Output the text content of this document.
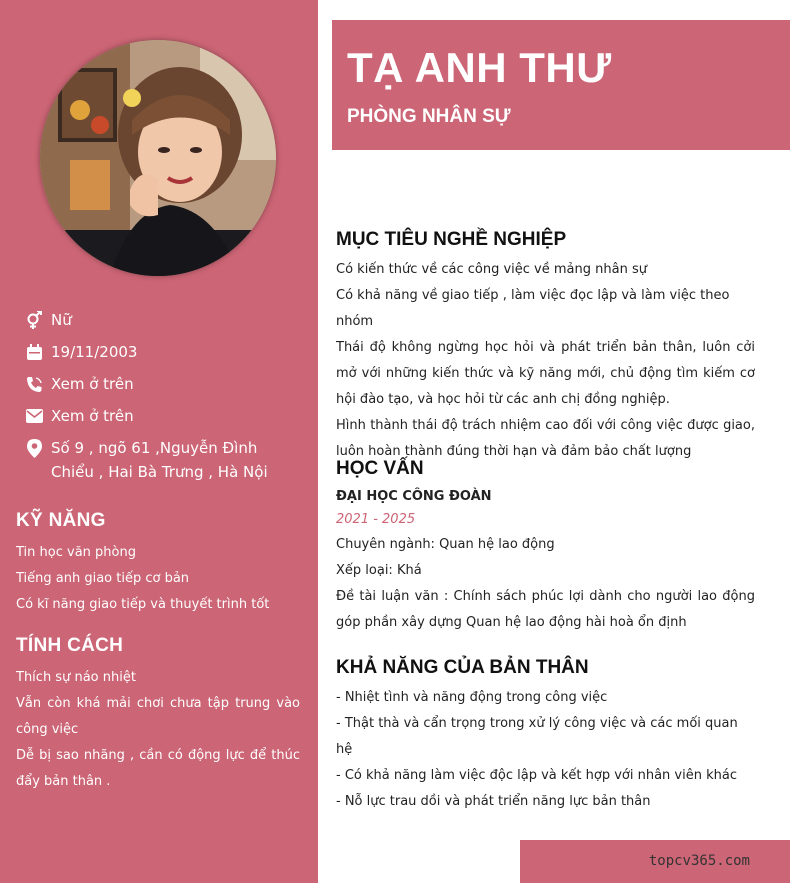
Nữ
19/11/2003
Xem ở trên
Xem ở trên
Số 9 , ngõ 61 ,Nguyễn Đình Chiểu , Hai Bà Trưng , Hà Nội
KỸ NĂNG

Tin học văn phòng

Tiếng anh giao tiếp cơ bản

Có kĩ năng giao tiếp và thuyết trình tốt

TÍNH CÁCH

Thích sự náo nhiệt

Vẫn còn khá mải chơi chưa tập trung vào công việc

Dễ bị sao nhãng , cần có động lực để thúc đẩy bản thân .

TẠ ANH THƯ
PHÒNG NHÂN SỰ
MỤC TIÊU NGHỀ NGHIỆP

Có kiến thức về các công việc về mảng nhân sự

Có khả năng về giao tiếp , làm việc đọc lập và làm việc theo nhóm

Thái độ không ngừng học hỏi và phát triển bản thân, luôn cởi mở với những kiến thức và kỹ năng mới, chủ động tìm kiếm cơ hội đào tạo, và học hỏi từ các anh chị đồng nghiệp.

Hình thành thái độ trách nhiệm cao đối với công việc được giao, luôn hoàn thành đúng thời hạn và đảm bảo chất lượng

HỌC VẤN
ĐẠI HỌC CÔNG ĐOÀN
2021 - 2025

Chuyên ngành: Quan hệ lao động

Xếp loại: Khá

Đề tài luận văn : Chính sách phúc lợi dành cho người lao động góp phần xây dựng Quan hệ lao động hài hoà ổn định

KHẢ NĂNG CỦA BẢN THÂN

- Nhiệt tình và năng động trong công việc

- Thật thà và cẩn trọng trong xử lý công việc và các mối quan hệ

- Có khả năng làm việc độc lập và kết hợp với nhân viên khác

- Nỗ lực trau dồi và phát triển năng lực bản thân

topcv365.com
